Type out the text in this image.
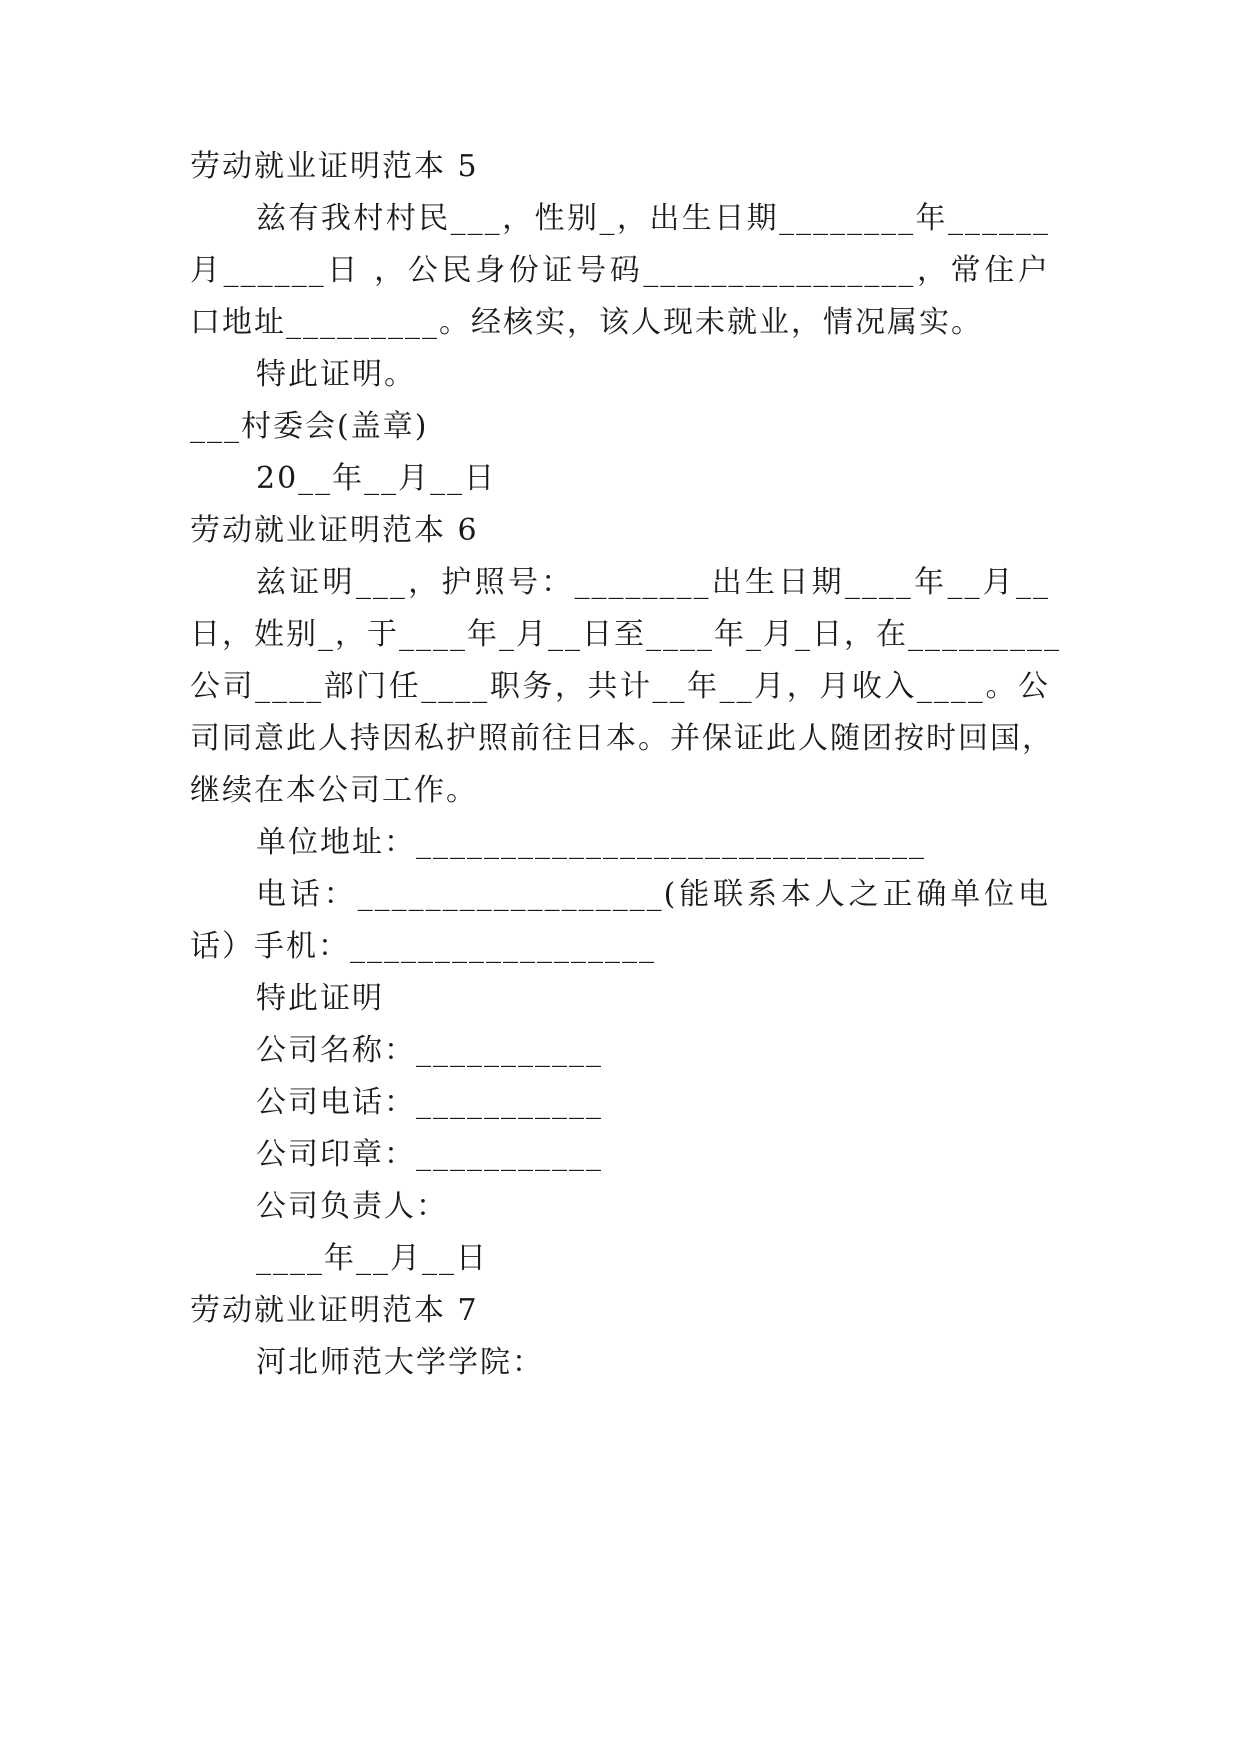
劳动就业证明范本 5

兹有我村村民___，性别_，出生日期________年______

月______日 ，公民身份证号码________________，常住户

口地址_________。经核实，该人现未就业，情况属实。

特此证明。

___村委会(盖章)

20__年__月__日

劳动就业证明范本 6

兹证明___，护照号：________出生日期____年__月__

日，姓别_，于____年_月__日至____年_月_日，在_________

公司____部门任____职务，共计__年__月，月收入____。公

司同意此人持因私护照前往日本。并保证此人随团按时回国，

继续在本公司工作。

单位地址：______________________________

电话：__________________(能联系本人之正确单位电

话）手机：__________________

特此证明

公司名称：___________

公司电话：___________

公司印章：___________

公司负责人：

____年__月__日

劳动就业证明范本 7

河北师范大学学院：
